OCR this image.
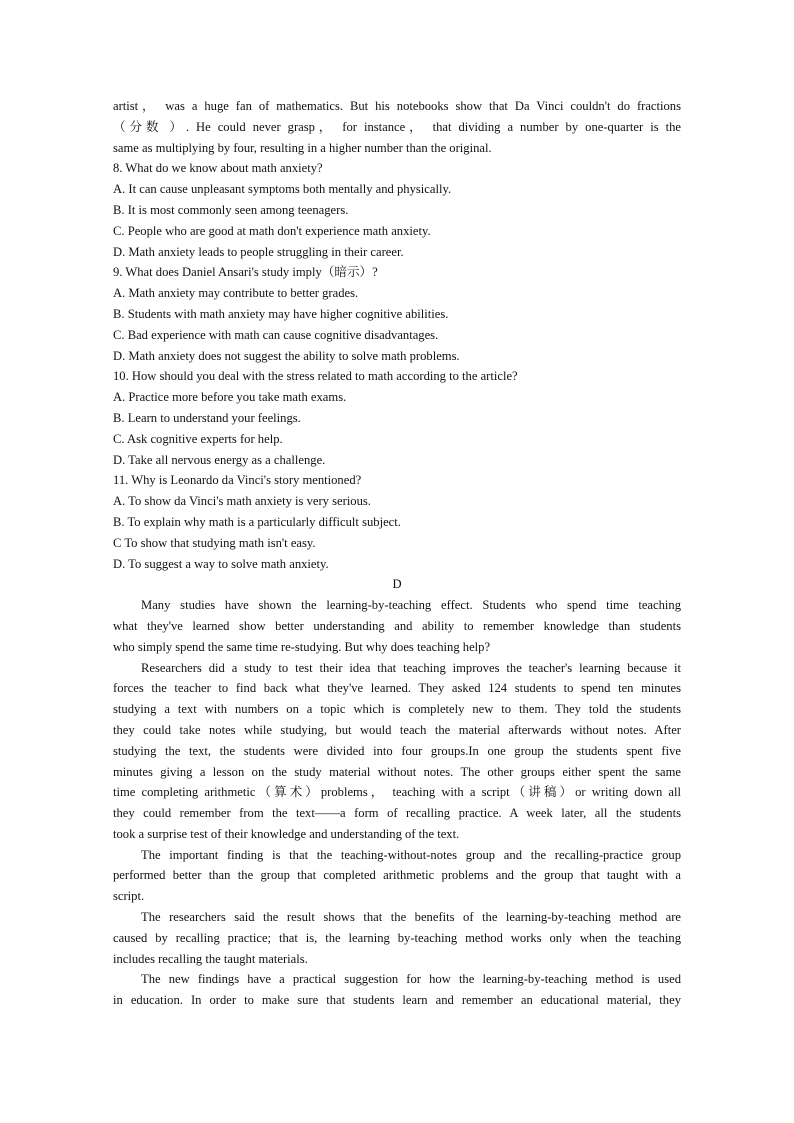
artist， was a huge fan of mathematics. But his notebooks show that Da Vinci couldn't do fractions
（分数 ）. He could never grasp， for instance， that dividing a number by one-quarter is the
same as multiplying by four, resulting in a higher number than the original.
8. What do we know about math anxiety?
A. It can cause unpleasant symptoms both mentally and physically.
B. It is most commonly seen among teenagers.
C. People who are good at math don't experience math anxiety.
D. Math anxiety leads to people struggling in their career.
9. What does Daniel Ansari's study imply（暗示）?
A. Math anxiety may contribute to better grades.
B. Students with math anxiety may have higher cognitive abilities.
C. Bad experience with math can cause cognitive disadvantages.
D. Math anxiety does not suggest the ability to solve math problems.
10. How should you deal with the stress related to math according to the article?
A. Practice more before you take math exams.
B. Learn to understand your feelings.
C. Ask cognitive experts for help.
D. Take all nervous energy as a challenge.
11. Why is Leonardo da Vinci's story mentioned?
A. To show da Vinci's math anxiety is very serious.
B. To explain why math is a particularly difficult subject.
C To show that studying math isn't easy.
D. To suggest a way to solve math anxiety.
D
Many studies have shown the learning-by-teaching effect. Students who spend time teaching
what they've learned show better understanding and ability to remember knowledge than students
who simply spend the same time re-studying. But why does teaching help?
Researchers did a study to test their idea that teaching improves the teacher's learning because it
forces the teacher to find back what they've learned. They asked 124 students to spend ten minutes
studying a text with numbers on a topic which is completely new to them. They told the students
they could take notes while studying, but would teach the material afterwards without notes. After
studying the text, the students were divided into four groups.In one group the students spent five
minutes giving a lesson on the study material without notes. The other groups either spent the same
time completing arithmetic（算术）problems， teaching with a script（讲稿）or writing down all
they could remember from the text——a form of recalling practice. A week later, all the students
took a surprise test of their knowledge and understanding of the text.
The important finding is that the teaching-without-notes group and the recalling-practice group
performed better than the group that completed arithmetic problems and the group that taught with a
script.
The researchers said the result shows that the benefits of the learning-by-teaching method are
caused by recalling practice; that is, the learning by-teaching method works only when the teaching
includes recalling the taught materials.
The new findings have a practical suggestion for how the learning-by-teaching method is used
in education. In order to make sure that students learn and remember an educational material, they
